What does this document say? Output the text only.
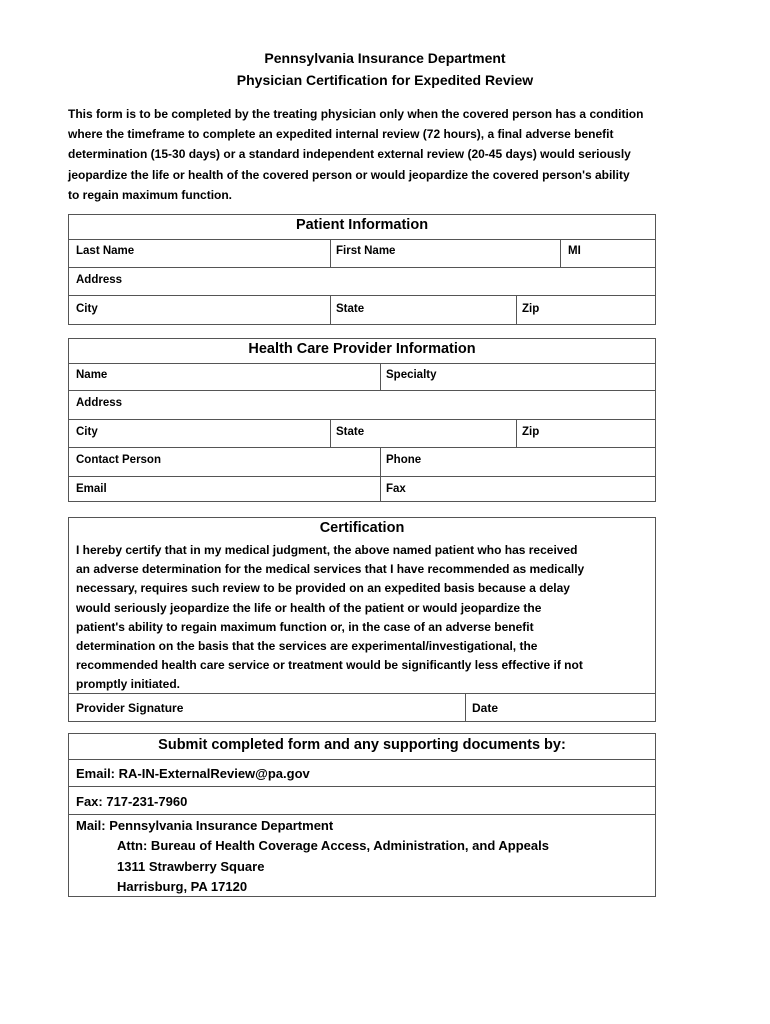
Pennsylvania Insurance Department
Physician Certification for Expedited Review
This form is to be completed by the treating physician only when the covered person has a condition
where the timeframe to complete an expedited internal review (72 hours), a final adverse benefit
determination (15-30 days) or a standard independent external review (20-45 days) would seriously
jeopardize the life or health of the covered person or would jeopardize the covered person's ability
to regain maximum function.
Patient Information
Last Name	First Name	MI
Address
City	State	Zip
Health Care Provider Information
Name	Specialty
Address
City	State	Zip
Contact Person	Phone
Email	Fax
Certification
I hereby certify that in my medical judgment, the above named patient who has received
an adverse determination for the medical services that I have recommended as medically
necessary, requires such review to be provided on an expedited basis because a delay
would seriously jeopardize the life or health of the patient or would jeopardize the
patient's ability to regain maximum function or, in the case of an adverse benefit
determination on the basis that the services are experimental/investigational, the
recommended health care service or treatment would be significantly less effective if not
promptly initiated.
Provider Signature	Date
Submit completed form and any supporting documents by:
Email: RA-IN-ExternalReview@pa.gov
Fax: 717-231-7960
Mail: Pennsylvania Insurance Department
Attn: Bureau of Health Coverage Access, Administration, and Appeals
1311 Strawberry Square
Harrisburg, PA 17120
